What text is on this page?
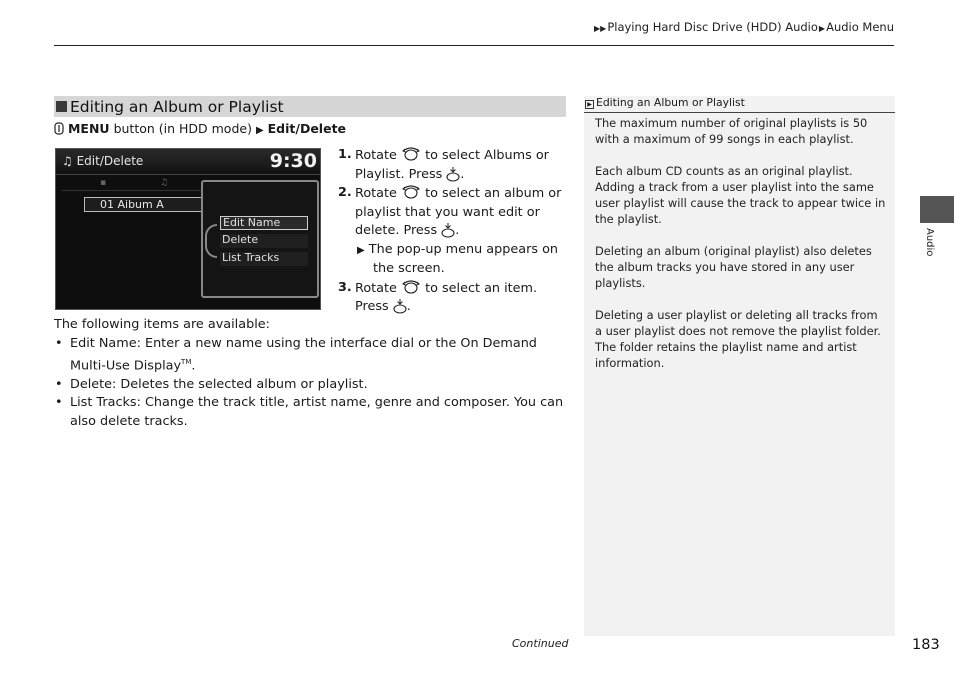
▶▶Playing Hard Disc Drive (HDD) Audio▶Audio Menu
Editing an Album or Playlist
MENU button (in HDD mode) ▶ Edit/Delete
♫ Edit/Delete	9:30
▪	♫
01 Aibum A
Edit Name
Delete
List Tracks
1. Rotate to select Albums or Playlist. Press .
2. Rotate to select an album or playlist that you want edit or delete. Press .
▶ The pop-up menu appears on the screen.
3. Rotate to select an item. Press .
The following items are available:
• Edit Name: Enter a new name using the interface dial or the On Demand Multi-Use Display™.
• Delete: Deletes the selected album or playlist.
• List Tracks: Change the track title, artist name, genre and composer. You can also delete tracks.
▶ Editing an Album or Playlist

The maximum number of original playlists is 50 with a maximum of 99 songs in each playlist.

Each album CD counts as an original playlist. Adding a track from a user playlist into the same user playlist will cause the track to appear twice in the playlist.

Deleting an album (original playlist) also deletes the album tracks you have stored in any user playlists.

Deleting a user playlist or deleting all tracks from a user playlist does not remove the playlist folder. The folder retains the playlist name and artist information.

Audio
Continued	183
